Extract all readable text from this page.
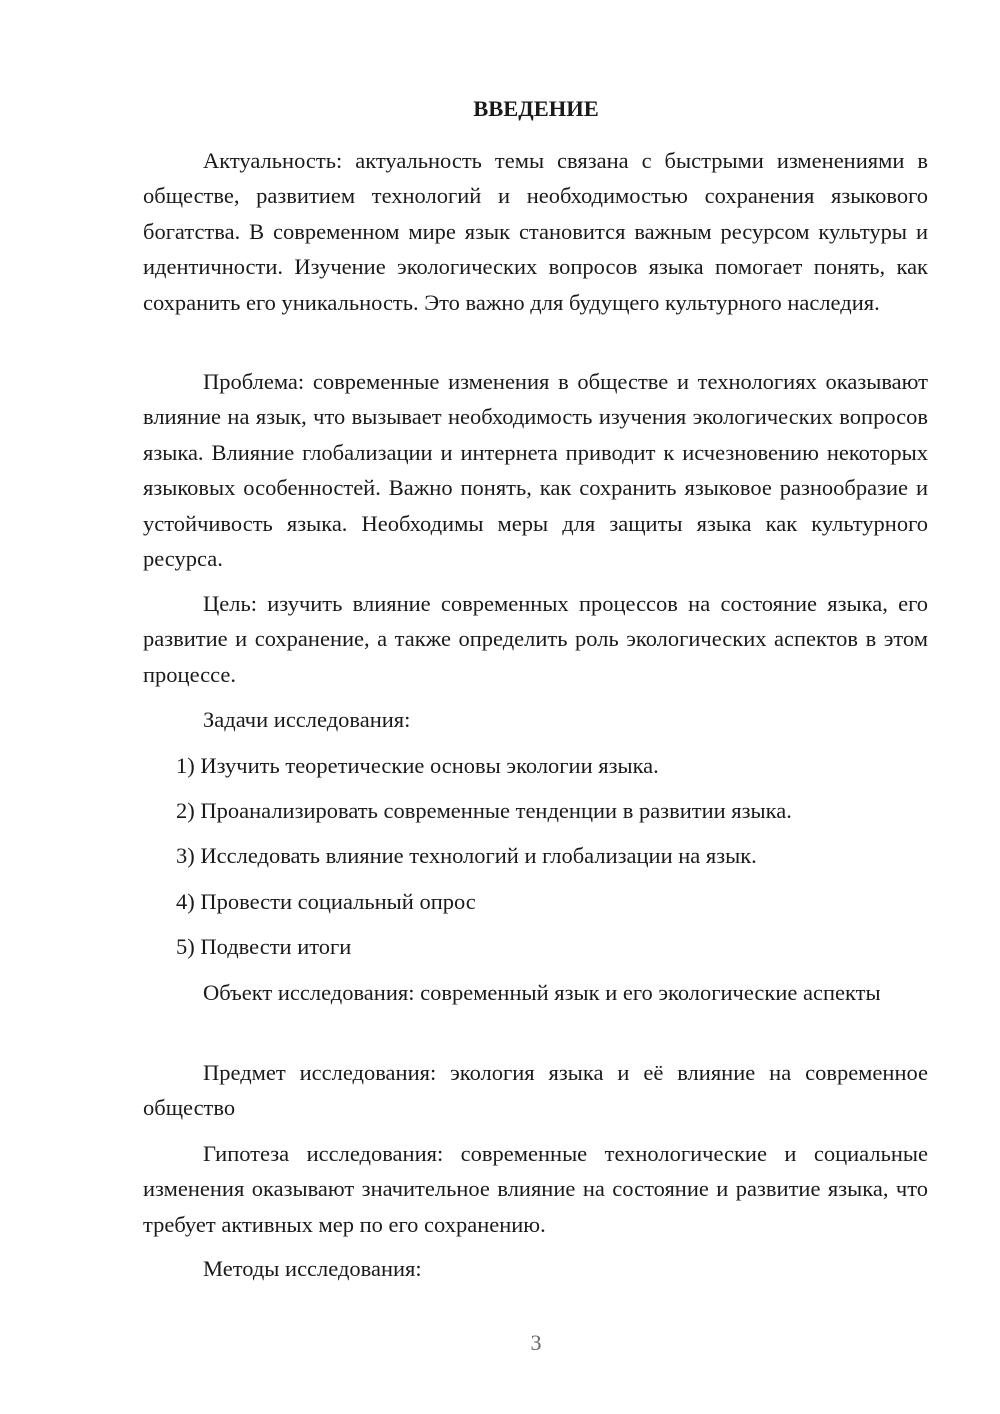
ВВЕДЕНИЕ

Актуальность: актуальность темы связана с быстрыми изменениями в обществе, развитием технологий и необходимостью сохранения языкового богатства. В современном мире язык становится важным ресурсом культуры и идентичности. Изучение экологических вопросов языка помогает понять, как сохранить его уникальность. Это важно для будущего культурного наследия.

Проблема: современные изменения в обществе и технологиях оказывают влияние на язык, что вызывает необходимость изучения экологических вопросов языка. Влияние глобализации и интернета приводит к исчезновению некоторых языковых особенностей. Важно понять, как сохранить языковое разнообразие и устойчивость языка. Необходимы меры для защиты языка как культурного ресурса.

Цель: изучить влияние современных процессов на состояние языка, его развитие и сохранение, а также определить роль экологических аспектов в этом процессе.

Задачи исследования:

1) Изучить теоретические основы экологии языка.

2) Проанализировать современные тенденции в развитии языка.

3) Исследовать влияние технологий и глобализации на язык.

4) Провести социальный опрос

5) Подвести итоги

Объект исследования: современный язык и его экологические аспекты

Предмет исследования: экология языка и её влияние на современное общество

Гипотеза исследования: современные технологические и социальные изменения оказывают значительное влияние на состояние и развитие языка, что требует активных мер по его сохранению.

Методы исследования:

3
